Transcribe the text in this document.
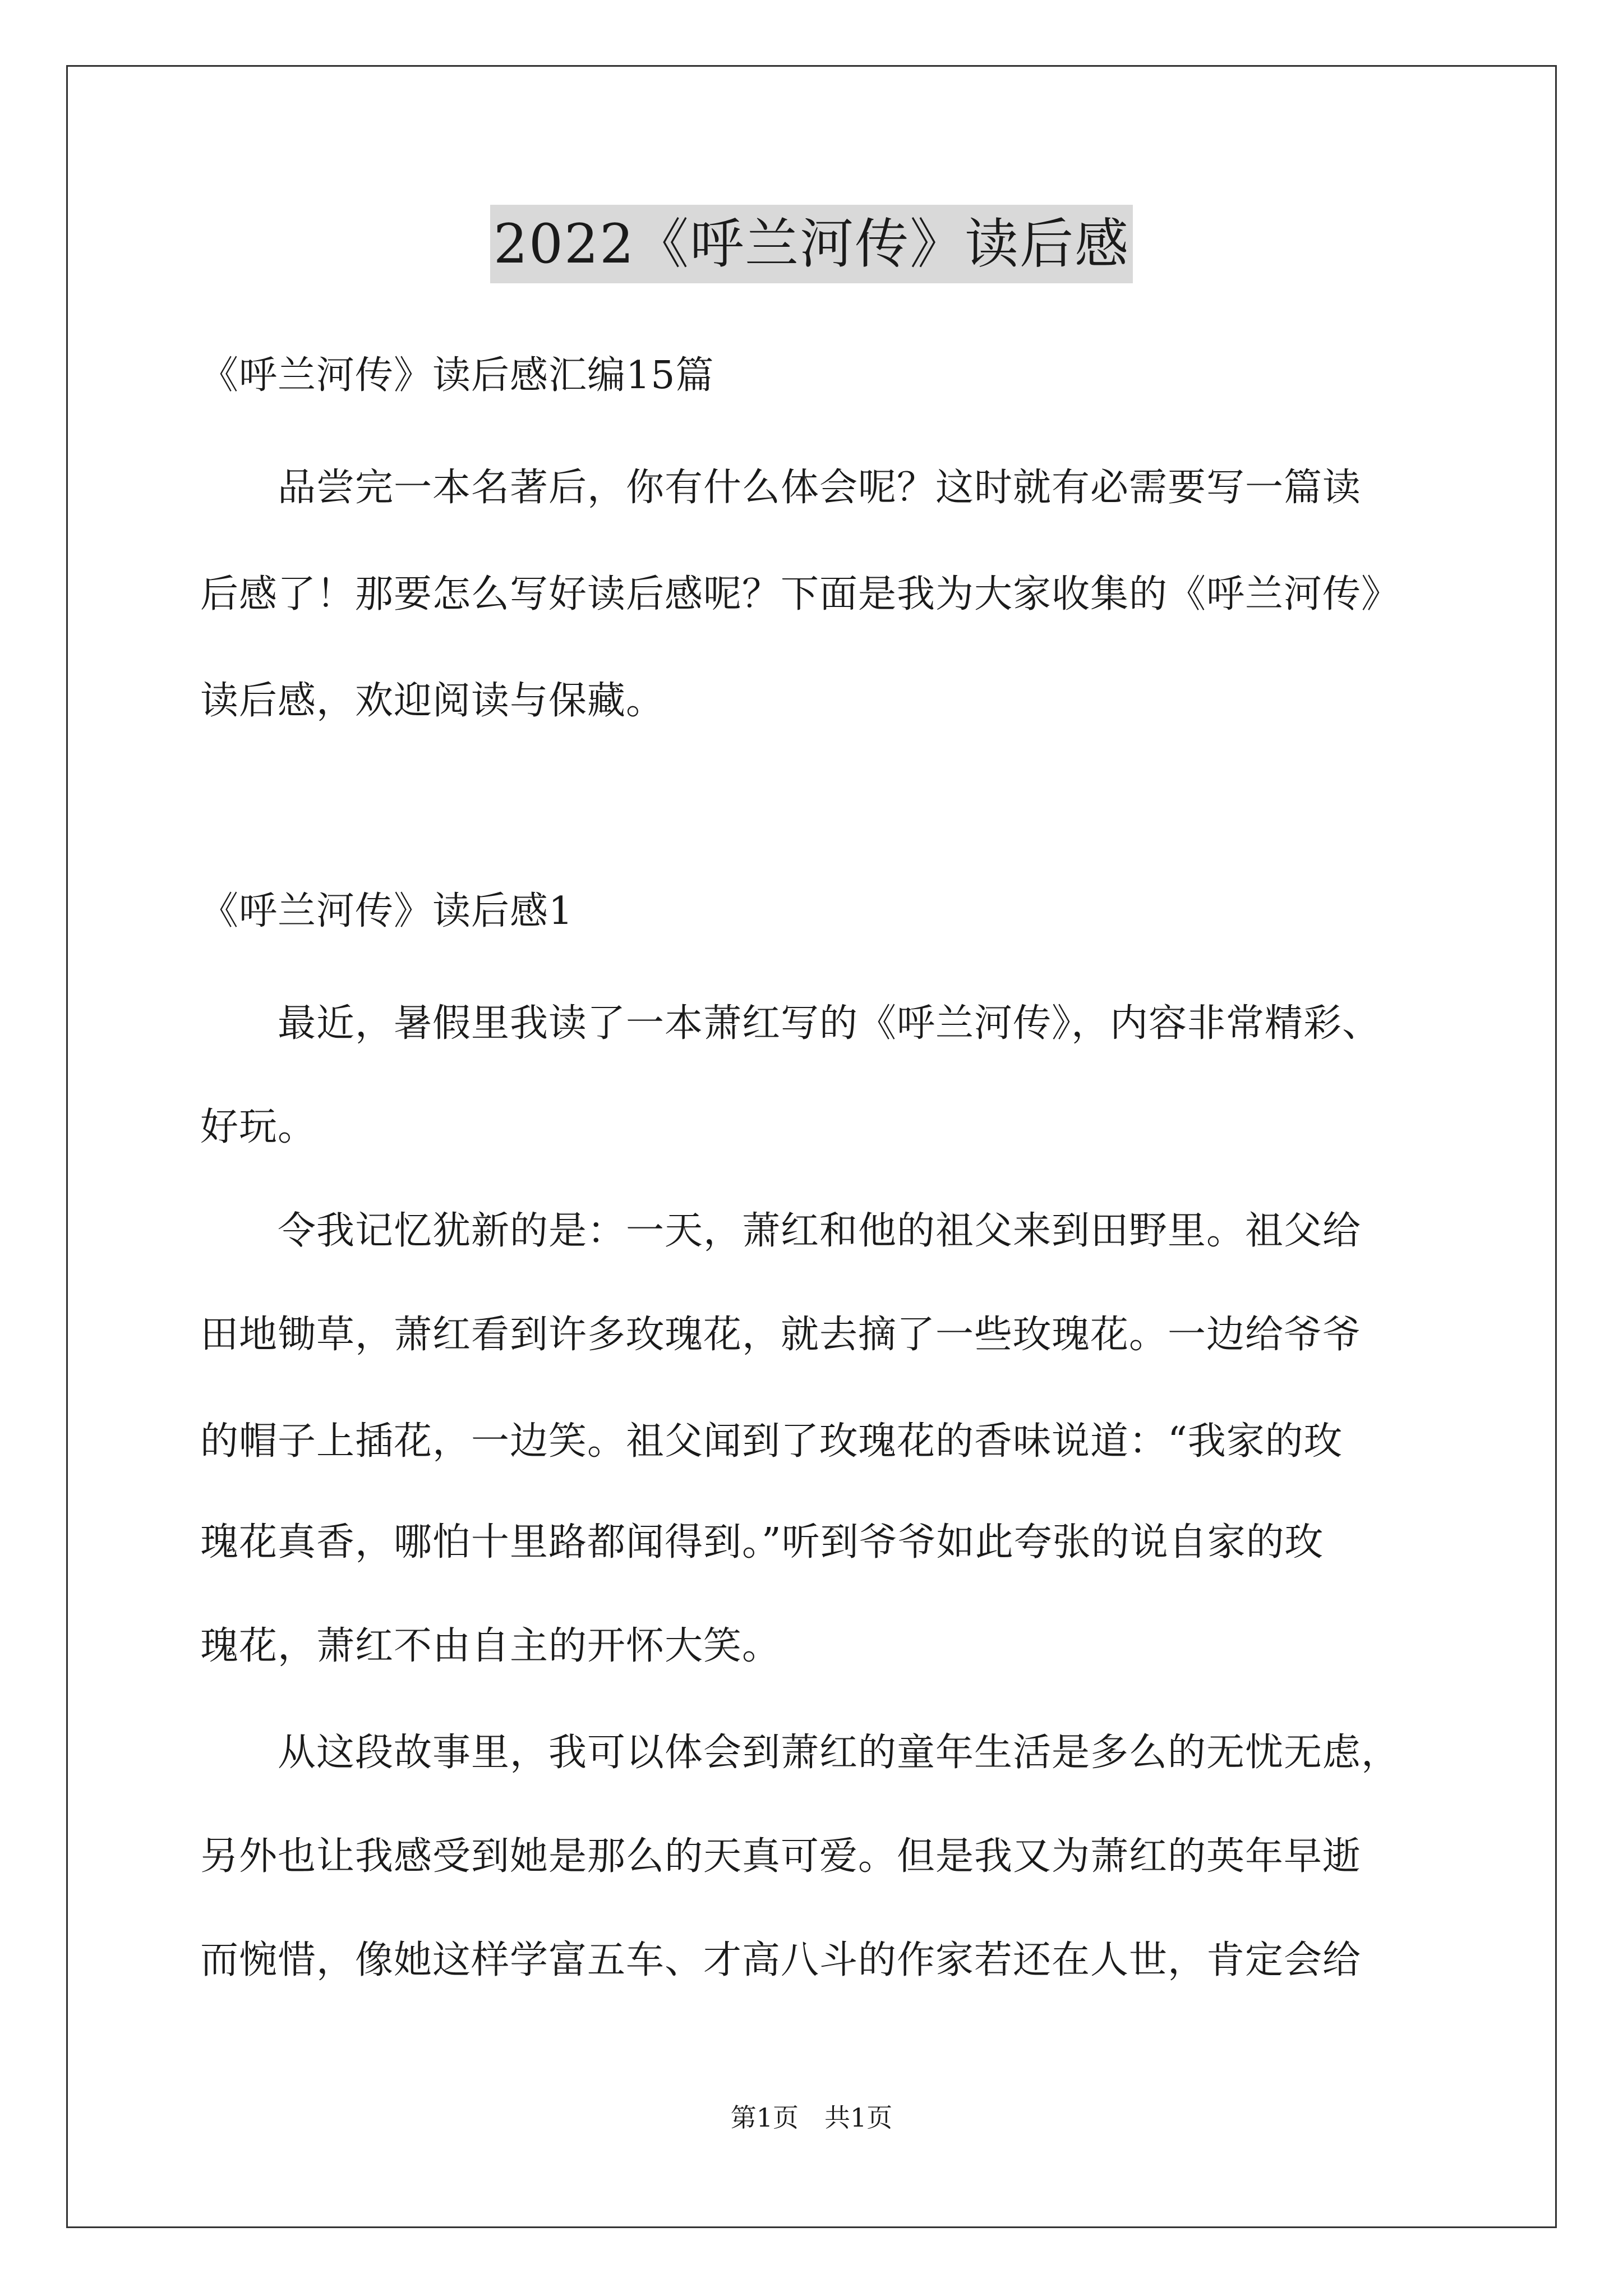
2022《呼兰河传》读后感
《呼兰河传》读后感汇编15篇
　　品尝完一本名著后，你有什么体会呢？这时就有必需要写一篇读
后感了！那要怎么写好读后感呢？下面是我为大家收集的《呼兰河传》
读后感，欢迎阅读与保藏。
《呼兰河传》读后感1
　　最近，暑假里我读了一本萧红写的《呼兰河传》，内容非常精彩、
好玩。
　　令我记忆犹新的是：一天，萧红和他的祖父来到田野里。祖父给
田地锄草，萧红看到许多玫瑰花，就去摘了一些玫瑰花。一边给爷爷
的帽子上插花，一边笑。祖父闻到了玫瑰花的香味说道：“我家的玫
瑰花真香，哪怕十里路都闻得到。”听到爷爷如此夸张的说自家的玫
瑰花，萧红不由自主的开怀大笑。
　　从这段故事里，我可以体会到萧红的童年生活是多么的无忧无虑，
另外也让我感受到她是那么的天真可爱。但是我又为萧红的英年早逝
而惋惜，像她这样学富五车、才高八斗的作家若还在人世，肯定会给
第1页　共1页
